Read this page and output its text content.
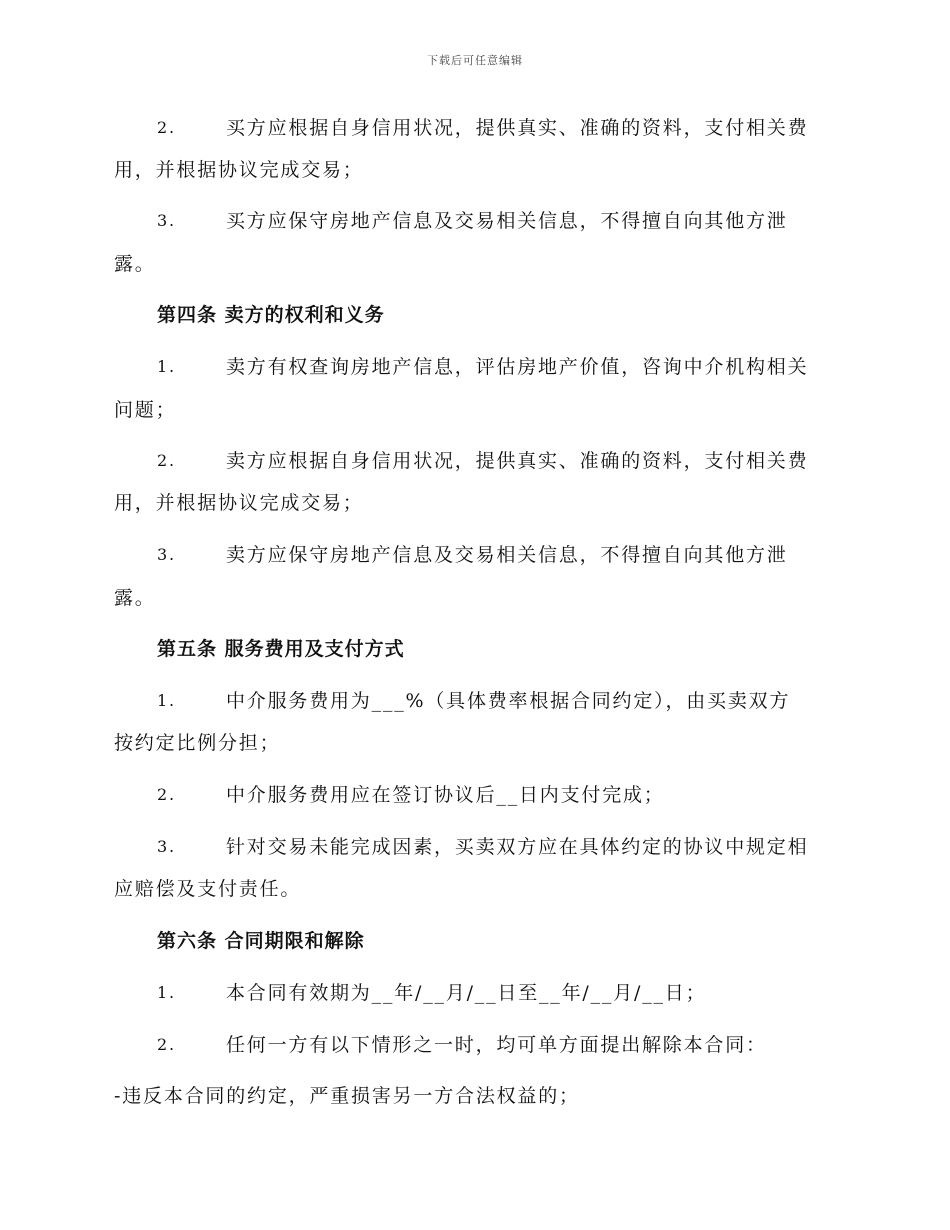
下载后可任意编辑
2.	买方应根据自身信用状况，提供真实、准确的资料，支付相关费
用，并根据协议完成交易；
3.	买方应保守房地产信息及交易相关信息，不得擅自向其他方泄
露。
第四条 卖方的权利和义务
1.	卖方有权查询房地产信息，评估房地产价值，咨询中介机构相关
问题；
2.	卖方应根据自身信用状况，提供真实、准确的资料，支付相关费
用，并根据协议完成交易；
3.	卖方应保守房地产信息及交易相关信息，不得擅自向其他方泄
露。
第五条 服务费用及支付方式
1.	中介服务费用为___%（具体费率根据合同约定），由买卖双方
按约定比例分担；
2.	中介服务费用应在签订协议后__日内支付完成；
3.	针对交易未能完成因素，买卖双方应在具体约定的协议中规定相
应赔偿及支付责任。
第六条 合同期限和解除
1.	本合同有效期为__年/__月/__日至__年/__月/__日；
2.	任何一方有以下情形之一时，均可单方面提出解除本合同：
-违反本合同的约定，严重损害另一方合法权益的；
